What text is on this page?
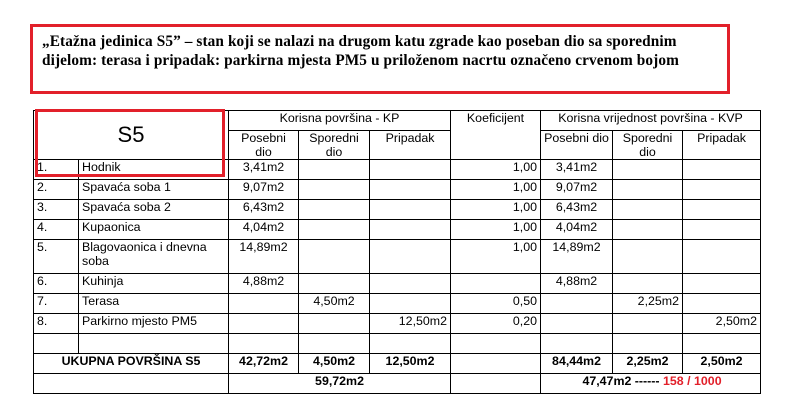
„Etažna jedinica S5” – stan koji se nalazi na drugom katu zgrade kao poseban dio sa sporednim dijelom: terasa i pripadak: parkirna mjesta PM5 u priloženom nacrtu označeno crvenom bojom
S5		Korisna površina - KP			Koeficijent	Korisna vrijednost površina - KVP		
		Posebni dio	Sporedni dio	Pripadak		Posebni dio	Sporedni dio	Pripadak
1.	Hodnik	3,41m2			1,00	3,41m2		
2.	Spavaća soba 1	9,07m2			1,00	9,07m2		
3.	Spavaća soba 2	6,43m2			1,00	6,43m2		
4.	Kupaonica	4,04m2			1,00	4,04m2		
5.	Blagovaonica i dnevna soba	14,89m2			1,00	14,89m2		
6.	Kuhinja	4,88m2				4,88m2		
7.	Terasa		4,50m2		0,50		2,25m2	
8.	Parkirno mjesto PM5			12,50m2	0,20			2,50m2

UKUPNA POVRŠINA S5		42,72m2	4,50m2	12,50m2		84,44m2	2,25m2	2,50m2
		59,72m2				47,47m2 ------ 158 / 1000		
